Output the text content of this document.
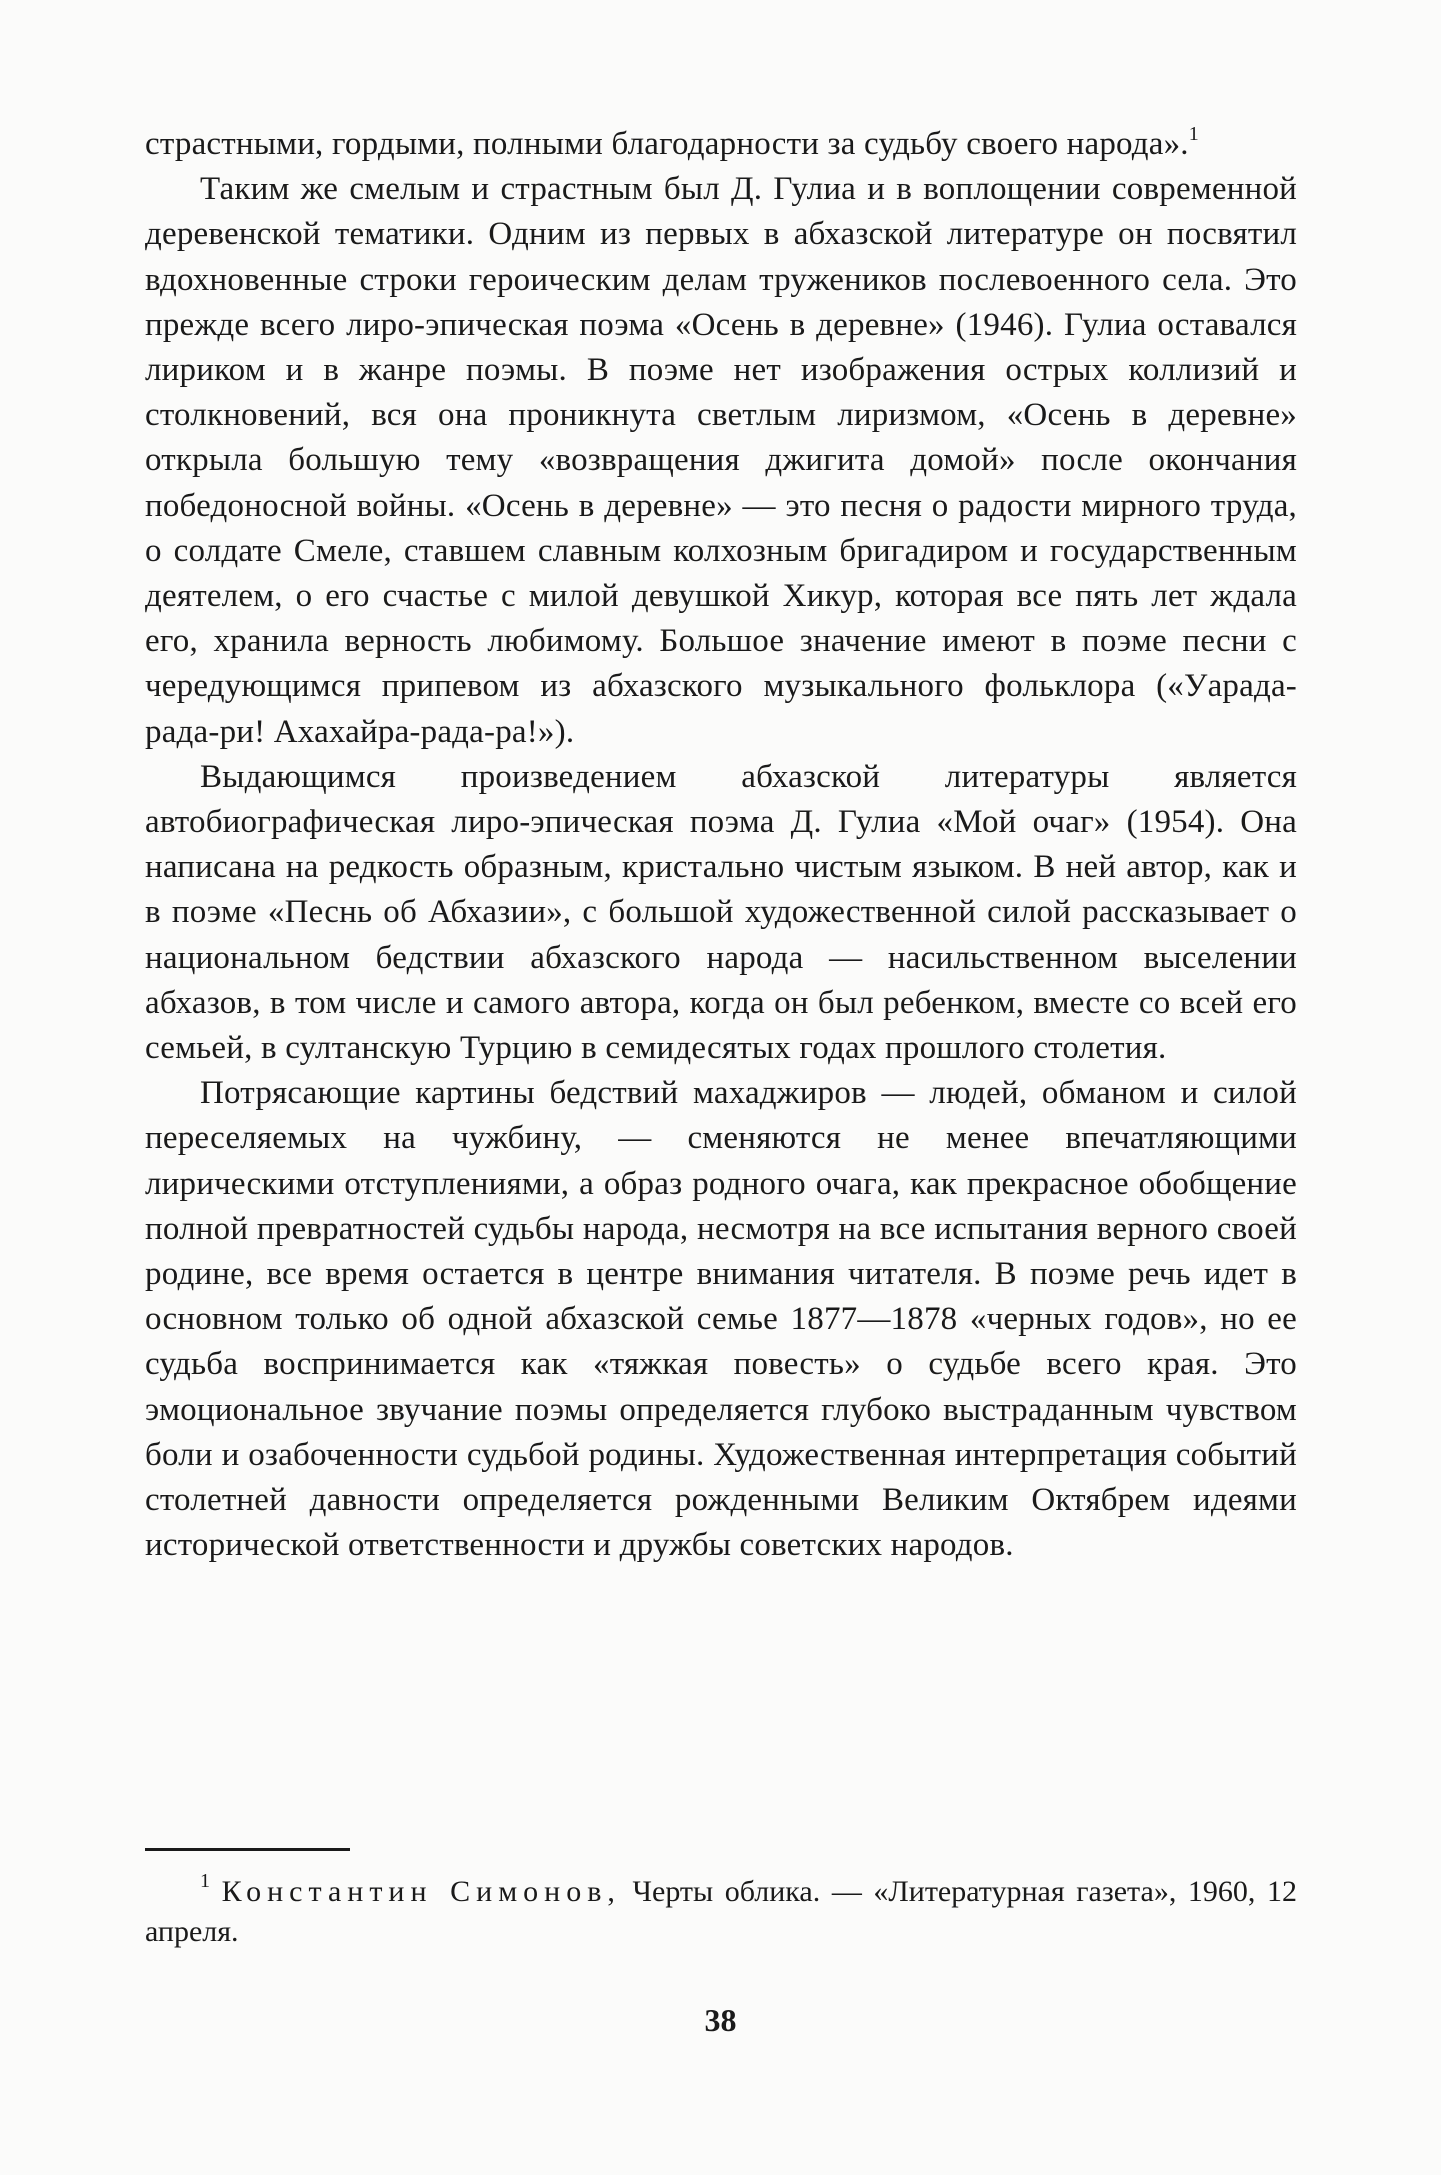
страстными, гордыми, полными благодарности за судьбу своего народа».$^1$

Таким же смелым и страстным был Д. Гулиа и в воплощении современной деревенской тематики. Одним из первых в абхазской литературе он посвятил вдохновенные строки героическим делам тружеников послевоенного села. Это прежде всего лиро-эпическая поэма «Осень в деревне» (1946). Гулиа оставался лириком и в жанре поэмы. В поэме нет изображения острых коллизий и столкновений, вся она проникнута светлым лиризмом, «Осень в деревне» открыла большую тему «возвращения джигита домой» после окончания победоносной войны. «Осень в деревне» — это песня о радости мирного труда, о солдате Смеле, ставшем славным колхозным бригадиром и государственным деятелем, о его счастье с милой девушкой Хикур, которая все пять лет ждала его, хранила верность любимому. Большое значение имеют в поэме песни с чередующимся припевом из абхазского музыкального фольклора («Уарада-рада-ри! Ахахайра-рада-ра!»).

Выдающимся произведением абхазской литературы является автобиографическая лиро-эпическая поэма Д. Гулиа «Мой очаг» (1954). Она написана на редкость образным, кристально чистым языком. В ней автор, как и в поэме «Песнь об Абхазии», с большой художественной силой рассказывает о национальном бедствии абхазского народа — насильственном выселении абхазов, в том числе и самого автора, когда он был ребенком, вместе со всей его семьей, в султанскую Турцию в семидесятых годах прошлого столетия.

Потрясающие картины бедствий махаджиров — людей, обманом и силой переселяемых на чужбину, — сменяются не менее впечатляющими лирическими отступлениями, а образ родного очага, как прекрасное обобщение полной превратностей судьбы народа, несмотря на все испытания верного своей родине, все время остается в центре внимания читателя. В поэме речь идет в основном только об одной абхазской семье 1877—1878 «черных годов», но ее судьба воспринимается как «тяжкая повесть» о судьбе всего края. Это эмоциональное звучание поэмы определяется глубоко выстраданным чувством боли и озабоченности судьбой родины. Художественная интерпретация событий столетней давности определяется рожденными Великим Октябрем идеями исторической ответственности и дружбы советских народов.

$^1$ Константин Симонов, Черты облика. — «Литературная газета», 1960, 12 апреля.
38
